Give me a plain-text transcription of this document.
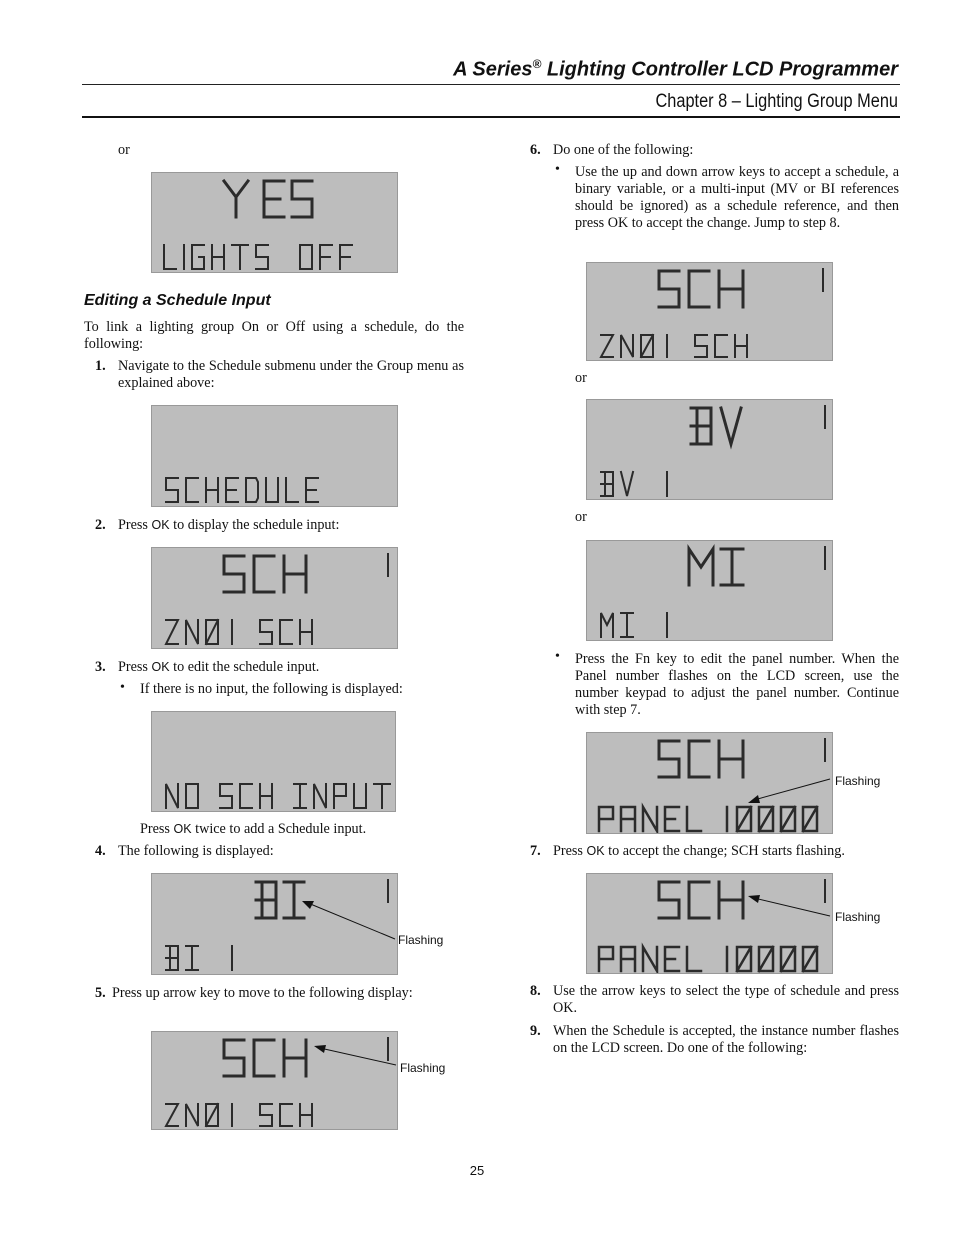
A Series® Lighting Controller LCD Programmer
Chapter 8 – Lighting Group Menu
or
Editing a Schedule Input
To link a lighting group On or Off using a schedule, do the following:
1. Navigate to the Schedule submenu under the Group menu as explained above:
2. Press OK to display the schedule input:
3. Press OK to edit the schedule input.
• If there is no input, the following is displayed:
Press OK twice to add a Schedule input.
4. The following is displayed:
Flashing
5. Press up arrow key to move to the following display:
Flashing
6. Do one of the following:
• Use the up and down arrow keys to accept a schedule, a binary variable, or a multi-input (MV or BI references should be ignored) as a schedule reference, and then press OK to accept the change. Jump to step 8.
or
or
• Press the Fn key to edit the panel number. When the Panel number flashes on the LCD screen, use the number keypad to adjust the panel number. Continue with step 7.
Flashing
7. Press OK to accept the change; SCH starts flashing.
Flashing
8. Use the arrow keys to select the type of schedule and press OK.
9. When the Schedule is accepted, the instance number flashes on the LCD screen. Do one of the following:
25
